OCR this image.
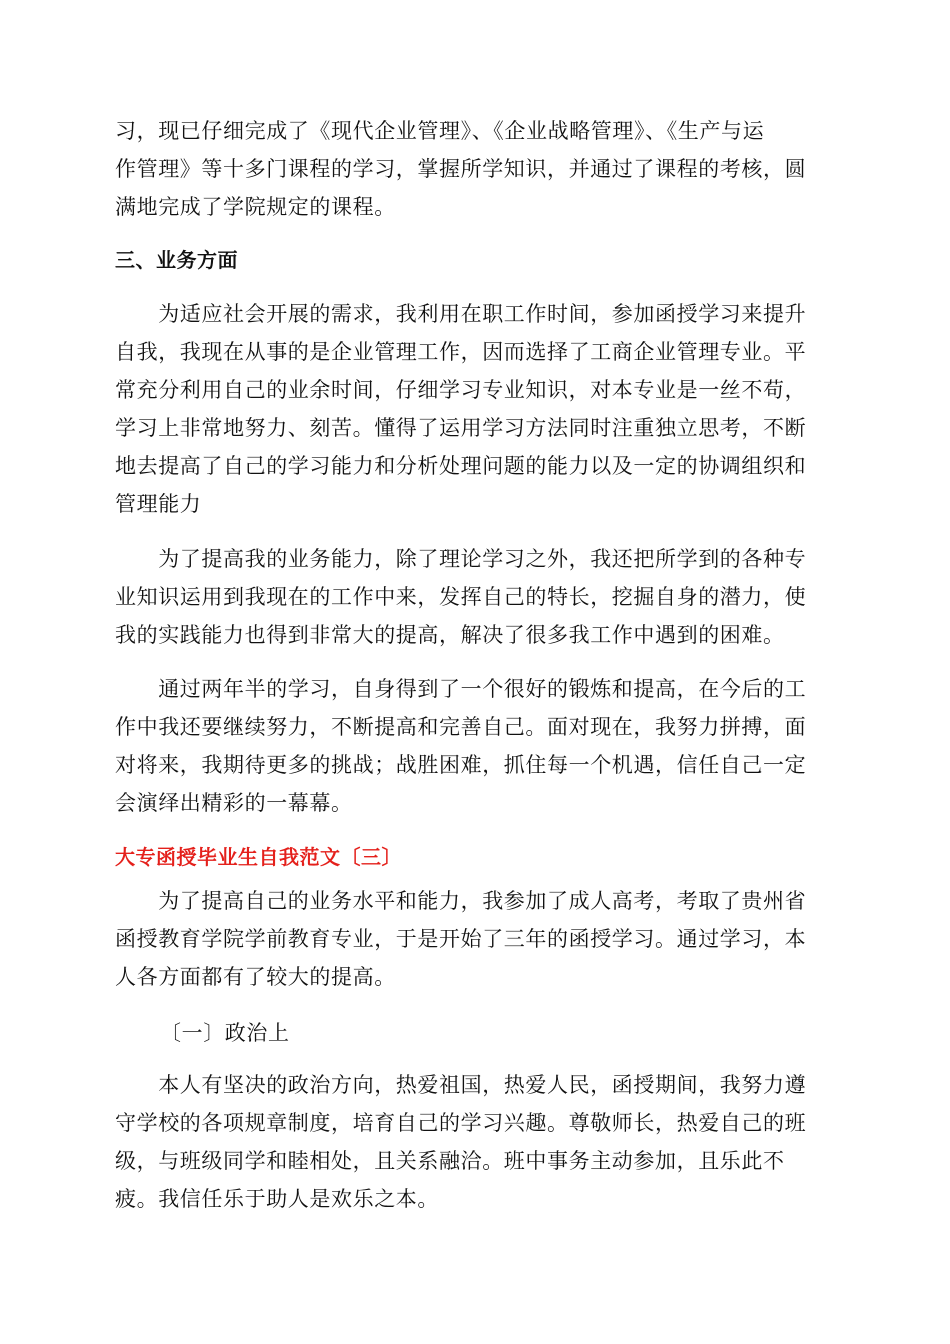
习，现已仔细完成了《现代企业管理》、《企业战略管理》、《生产与运
作管理》等十多门课程的学习，掌握所学知识，并通过了课程的考核，圆
满地完成了学院规定的课程。

三、业务方面

　　为适应社会开展的需求，我利用在职工作时间，参加函授学习来提升
自我，我现在从事的是企业管理工作，因而选择了工商企业管理专业。平
常充分利用自己的业余时间，仔细学习专业知识，对本专业是一丝不苟，
学习上非常地努力、刻苦。懂得了运用学习方法同时注重独立思考，不断
地去提高了自己的学习能力和分析处理问题的能力以及一定的协调组织和
管理能力

　　为了提高我的业务能力，除了理论学习之外，我还把所学到的各种专
业知识运用到我现在的工作中来，发挥自己的特长，挖掘自身的潜力，使
我的实践能力也得到非常大的提高，解决了很多我工作中遇到的困难。

　　通过两年半的学习，自身得到了一个很好的锻炼和提高，在今后的工
作中我还要继续努力，不断提高和完善自己。面对现在，我努力拼搏，面
对将来，我期待更多的挑战；战胜困难，抓住每一个机遇，信任自己一定
会演绎出精彩的一幕幕。

大专函授毕业生自我范文〔三〕

　　为了提高自己的业务水平和能力，我参加了成人高考，考取了贵州省
函授教育学院学前教育专业，于是开始了三年的函授学习。通过学习，本
人各方面都有了较大的提高。

〔一〕政治上

　　本人有坚决的政治方向，热爱祖国，热爱人民，函授期间，我努力遵
守学校的各项规章制度，培育自己的学习兴趣。尊敬师长，热爱自己的班
级，与班级同学和睦相处，且关系融洽。班中事务主动参加，且乐此不
疲。我信任乐于助人是欢乐之本。
